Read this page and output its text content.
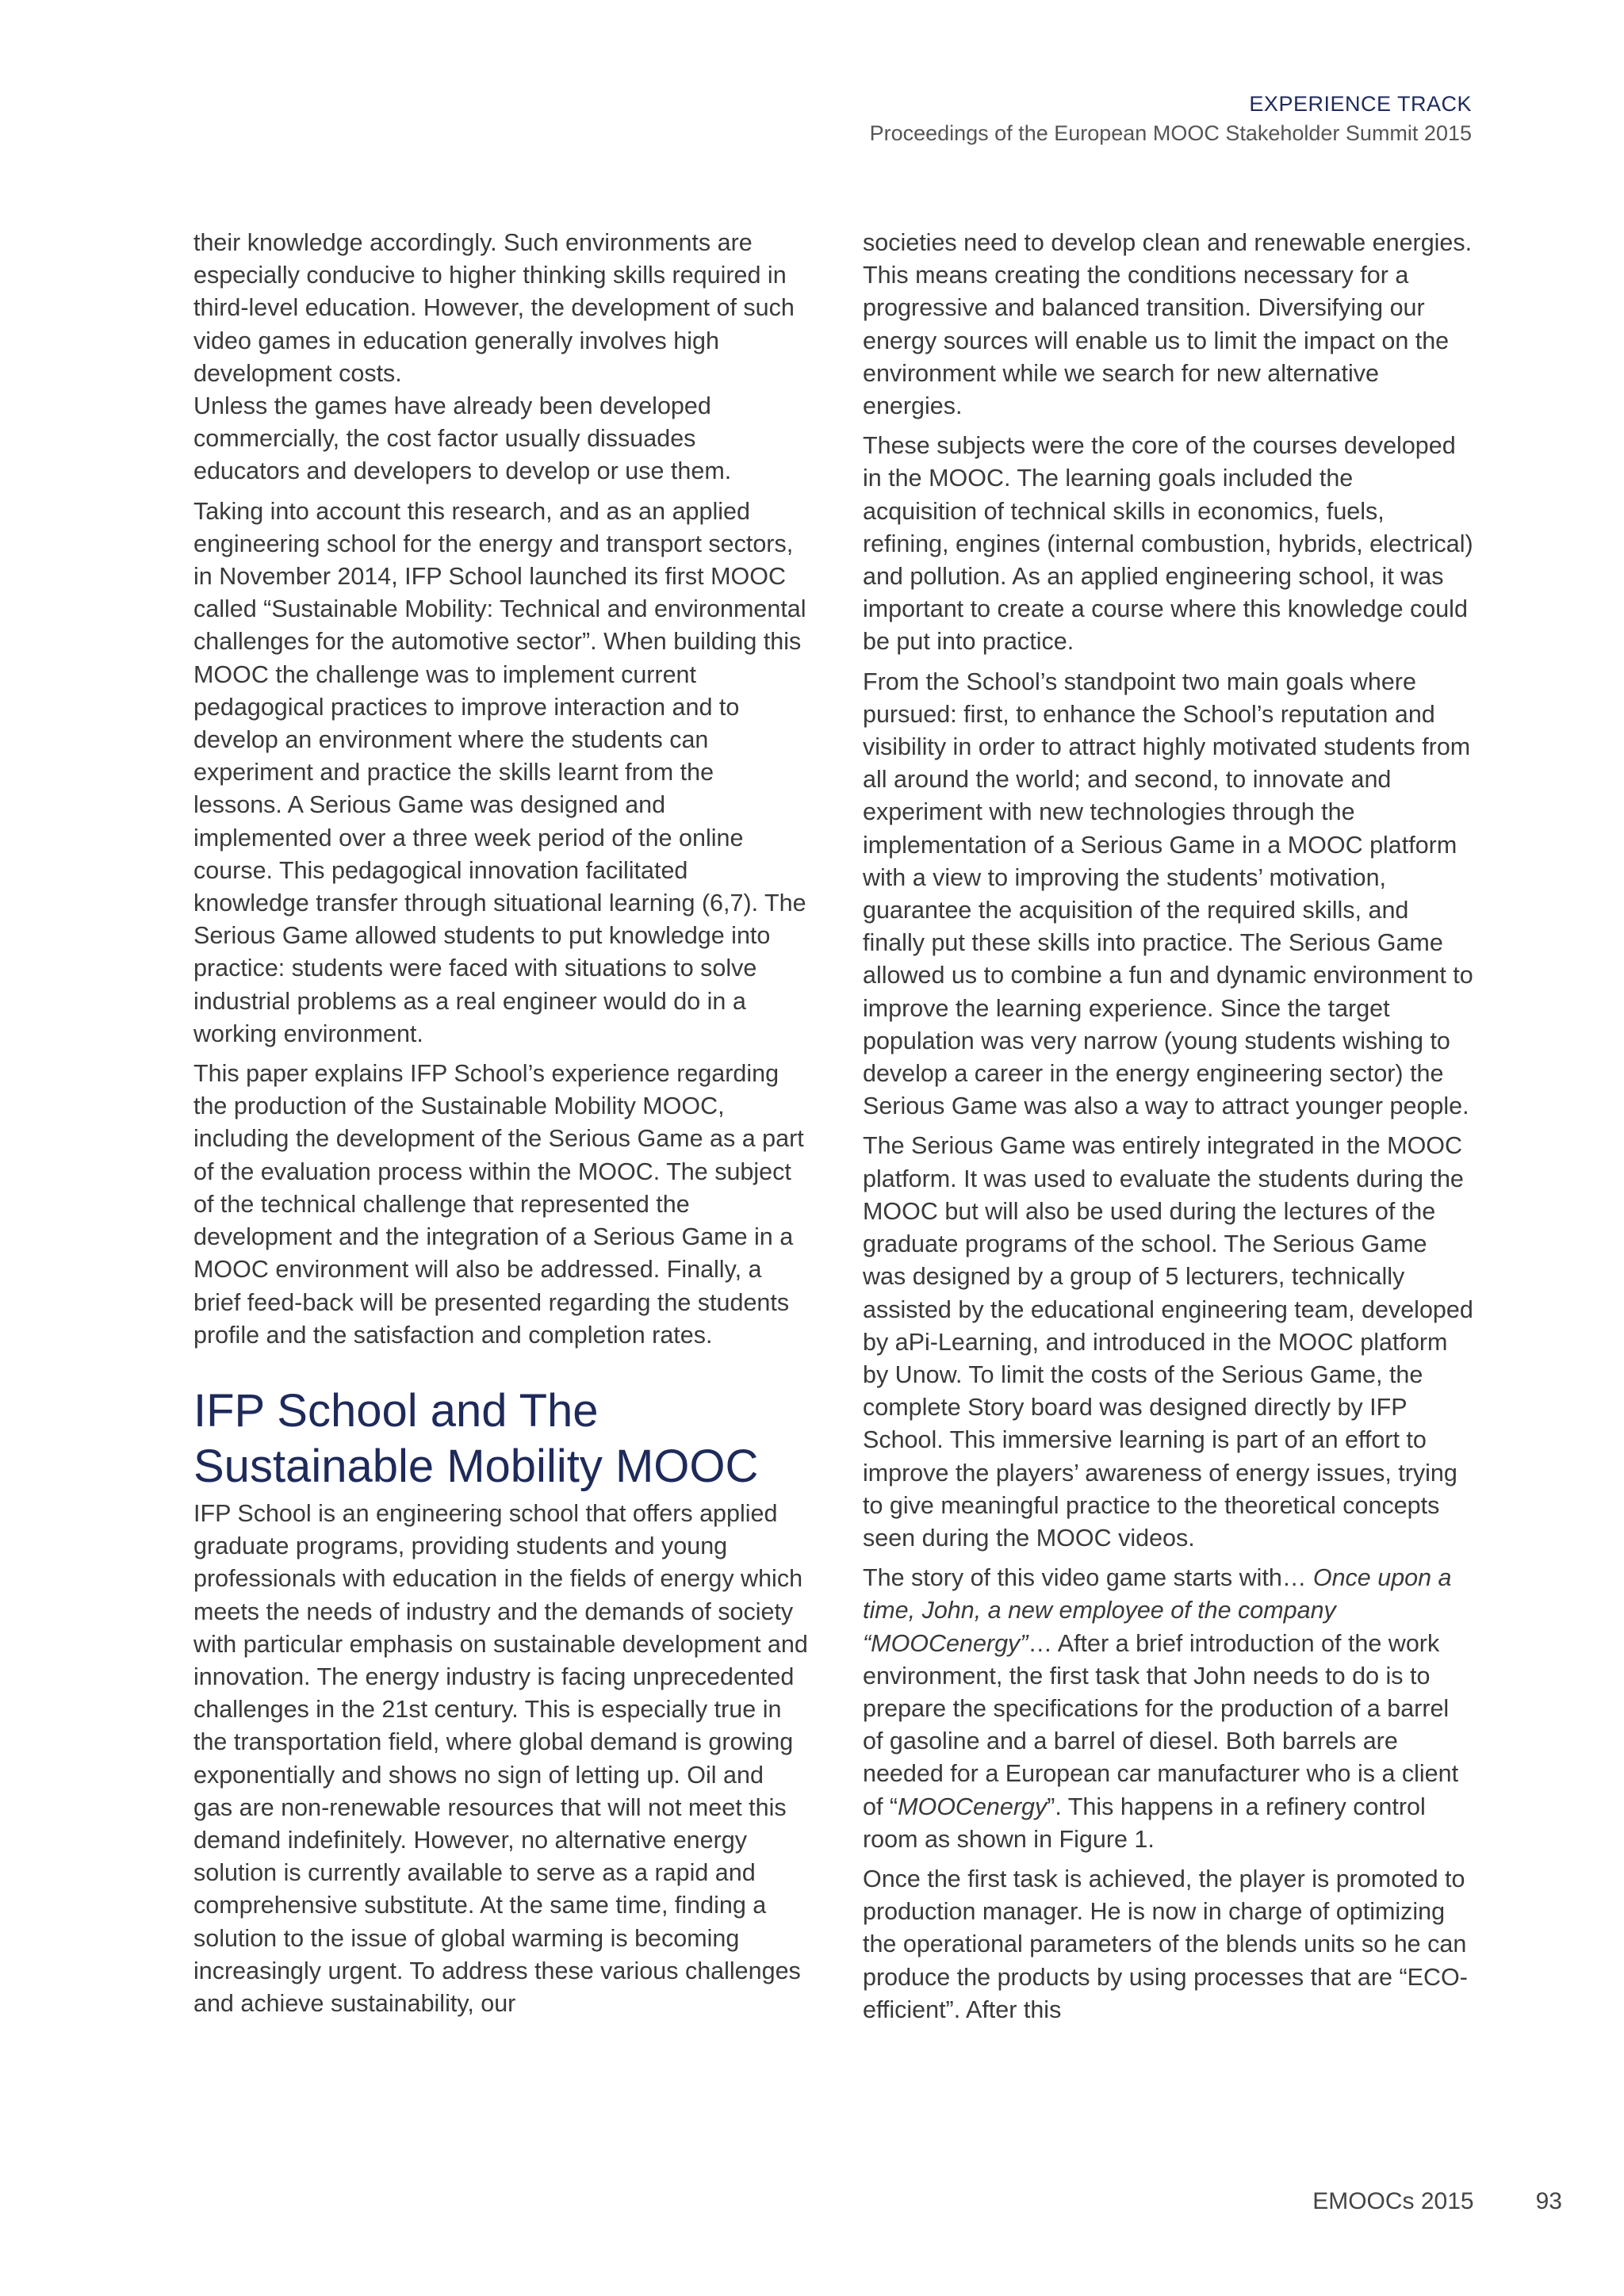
EXPERIENCE TRACK
Proceedings of the European MOOC Stakeholder Summit 2015

their knowledge accordingly. Such environments are especially conducive to higher thinking skills required in third-level education. However, the development of such video games in education generally involves high development costs.

Unless the games have already been developed commercially, the cost factor usually dissuades educators and developers to develop or use them.

Taking into account this research, and as an applied engineering school for the energy and transport sectors, in November 2014, IFP School launched its first MOOC called “Sustainable Mobility: Technical and environmental challenges for the automotive sector”. When building this MOOC the challenge was to implement current pedagogical practices to improve interaction and to develop an environment where the students can experiment and practice the skills learnt from the lessons. A Serious Game was designed and implemented over a three week period of the online course. This pedagogical innovation facilitated knowledge transfer through situational learning (6,7). The Serious Game allowed students to put knowledge into practice: students were faced with situations to solve industrial problems as a real engineer would do in a working environment.

This paper explains IFP School’s experience regarding the production of the Sustainable Mobility MOOC, including the development of the Serious Game as a part of the evaluation process within the MOOC. The subject of the technical challenge that represented the development and the integration of a Serious Game in a MOOC environment will also be addressed. Finally, a brief feed-back will be presented regarding the students profile and the satisfaction and completion rates.

IFP School and The Sustainable Mobility MOOC

IFP School is an engineering school that offers applied graduate programs, providing students and young professionals with education in the fields of energy which meets the needs of industry and the demands of society with particular emphasis on sustainable development and innovation. The energy industry is facing unprecedented challenges in the 21st century. This is especially true in the transportation field, where global demand is growing exponentially and shows no sign of letting up. Oil and gas are non-renewable resources that will not meet this demand indefinitely. However, no alternative energy solution is currently available to serve as a rapid and comprehensive substitute. At the same time, finding a solution to the issue of global warming is becoming increasingly urgent. To address these various challenges and achieve sustainability, our

societies need to develop clean and renewable energies. This means creating the conditions necessary for a progressive and balanced transition. Diversifying our energy sources will enable us to limit the impact on the environment while we search for new alternative energies.

These subjects were the core of the courses developed in the MOOC. The learning goals included the acquisition of technical skills in economics, fuels, refining, engines (internal combustion, hybrids, electrical) and pollution. As an applied engineering school, it was important to create a course where this knowledge could be put into practice.

From the School’s standpoint two main goals where pursued: first, to enhance the School’s reputation and visibility in order to attract highly motivated students from all around the world; and second, to innovate and experiment with new technologies through the implementation of a Serious Game in a MOOC platform with a view to improving the students’ motivation, guarantee the acquisition of the required skills, and finally put these skills into practice. The Serious Game allowed us to combine a fun and dynamic environment to improve the learning experience. Since the target population was very narrow (young students wishing to develop a career in the energy engineering sector) the Serious Game was also a way to attract younger people.

The Serious Game was entirely integrated in the MOOC platform. It was used to evaluate the students during the MOOC but will also be used during the lectures of the graduate programs of the school. The Serious Game was designed by a group of 5 lecturers, technically assisted by the educational engineering team, developed by aPi-Learning, and introduced in the MOOC platform by Unow. To limit the costs of the Serious Game, the complete Story board was designed directly by IFP School. This immersive learning is part of an effort to improve the players’ awareness of energy issues, trying to give meaningful practice to the theoretical concepts seen during the MOOC videos.

The story of this video game starts with… Once upon a time, John, a new employee of the company “MOOCenergy”… After a brief introduction of the work environment, the first task that John needs to do is to prepare the specifications for the production of a barrel of gasoline and a barrel of diesel. Both barrels are needed for a European car manufacturer who is a client of “MOOCenergy”. This happens in a refinery control room as shown in Figure 1.

Once the first task is achieved, the player is promoted to production manager. He is now in charge of optimizing the operational parameters of the blends units so he can produce the products by using processes that are “ECO-efficient”. After this

EMOOCs 2015	93
